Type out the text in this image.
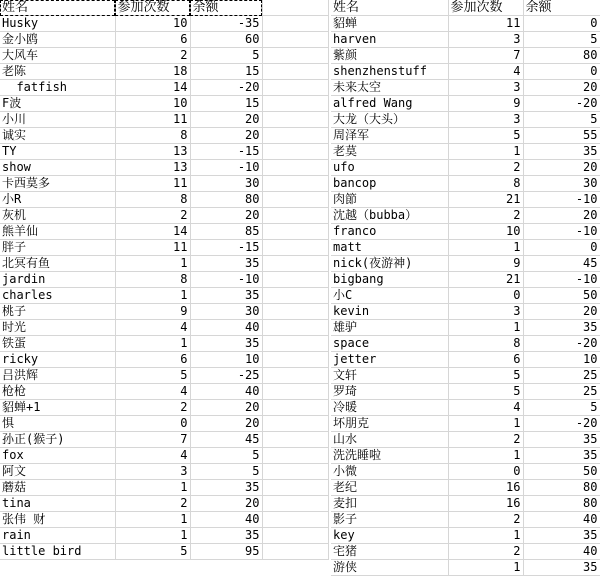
姓名	参加次数	余额	
Husky	10	-35	
金小鸥	6	60	
大风车	2	5	
老陈	18	15	
fatfish	14	-20	
F波	10	15	
小川	11	20	
诚实	8	20	
TY	13	-15	
show	13	-10	
卡西莫多	11	30	
小R	8	80	
灰机	2	20	
熊羊仙	14	85	
胖子	11	-15	
北冥有鱼	1	35	
jardin	8	-10	
charles	1	35	
桃子	9	30	
时光	4	40	
铁蛋	1	35	
ricky	6	10	
吕洪辉	5	-25	
枪枪	4	40	
貂蝉+1	2	20	
惧	0	20	
孙正(猴子)	7	45	
fox	4	5	
阿文	3	5	
蘑菇	1	35	
tina	2	20	
张伟 财	1	40	
rain	1	35	
little bird	5	95	
姓名	参加次数	余额
貂蝉	11	0
harven	3	5
紫颜	7	80
shenzhenstuff	4	0
未来太空	3	20
alfred Wang	9	-20
大龙（大头）	3	5
周泽军	5	55
老莫	1	35
ufo	2	20
bancop	8	30
肉節	21	-10
沈越（bubba）	2	20
franco	10	-10
matt	1	0
nick(夜游神)	9	45
bigbang	21	-10
小C	0	50
kevin	3	20
雄驴	1	35
space	8	-20
jetter	6	10
文轩	5	25
罗琦	5	25
冷暖	4	5
坏朋克	1	-20
山水	2	35
洗洗睡啦	1	35
小微	0	50
老纪	16	80
麦扣	16	80
影子	2	40
key	1	35
宅猪	2	40
游侠	1	35
